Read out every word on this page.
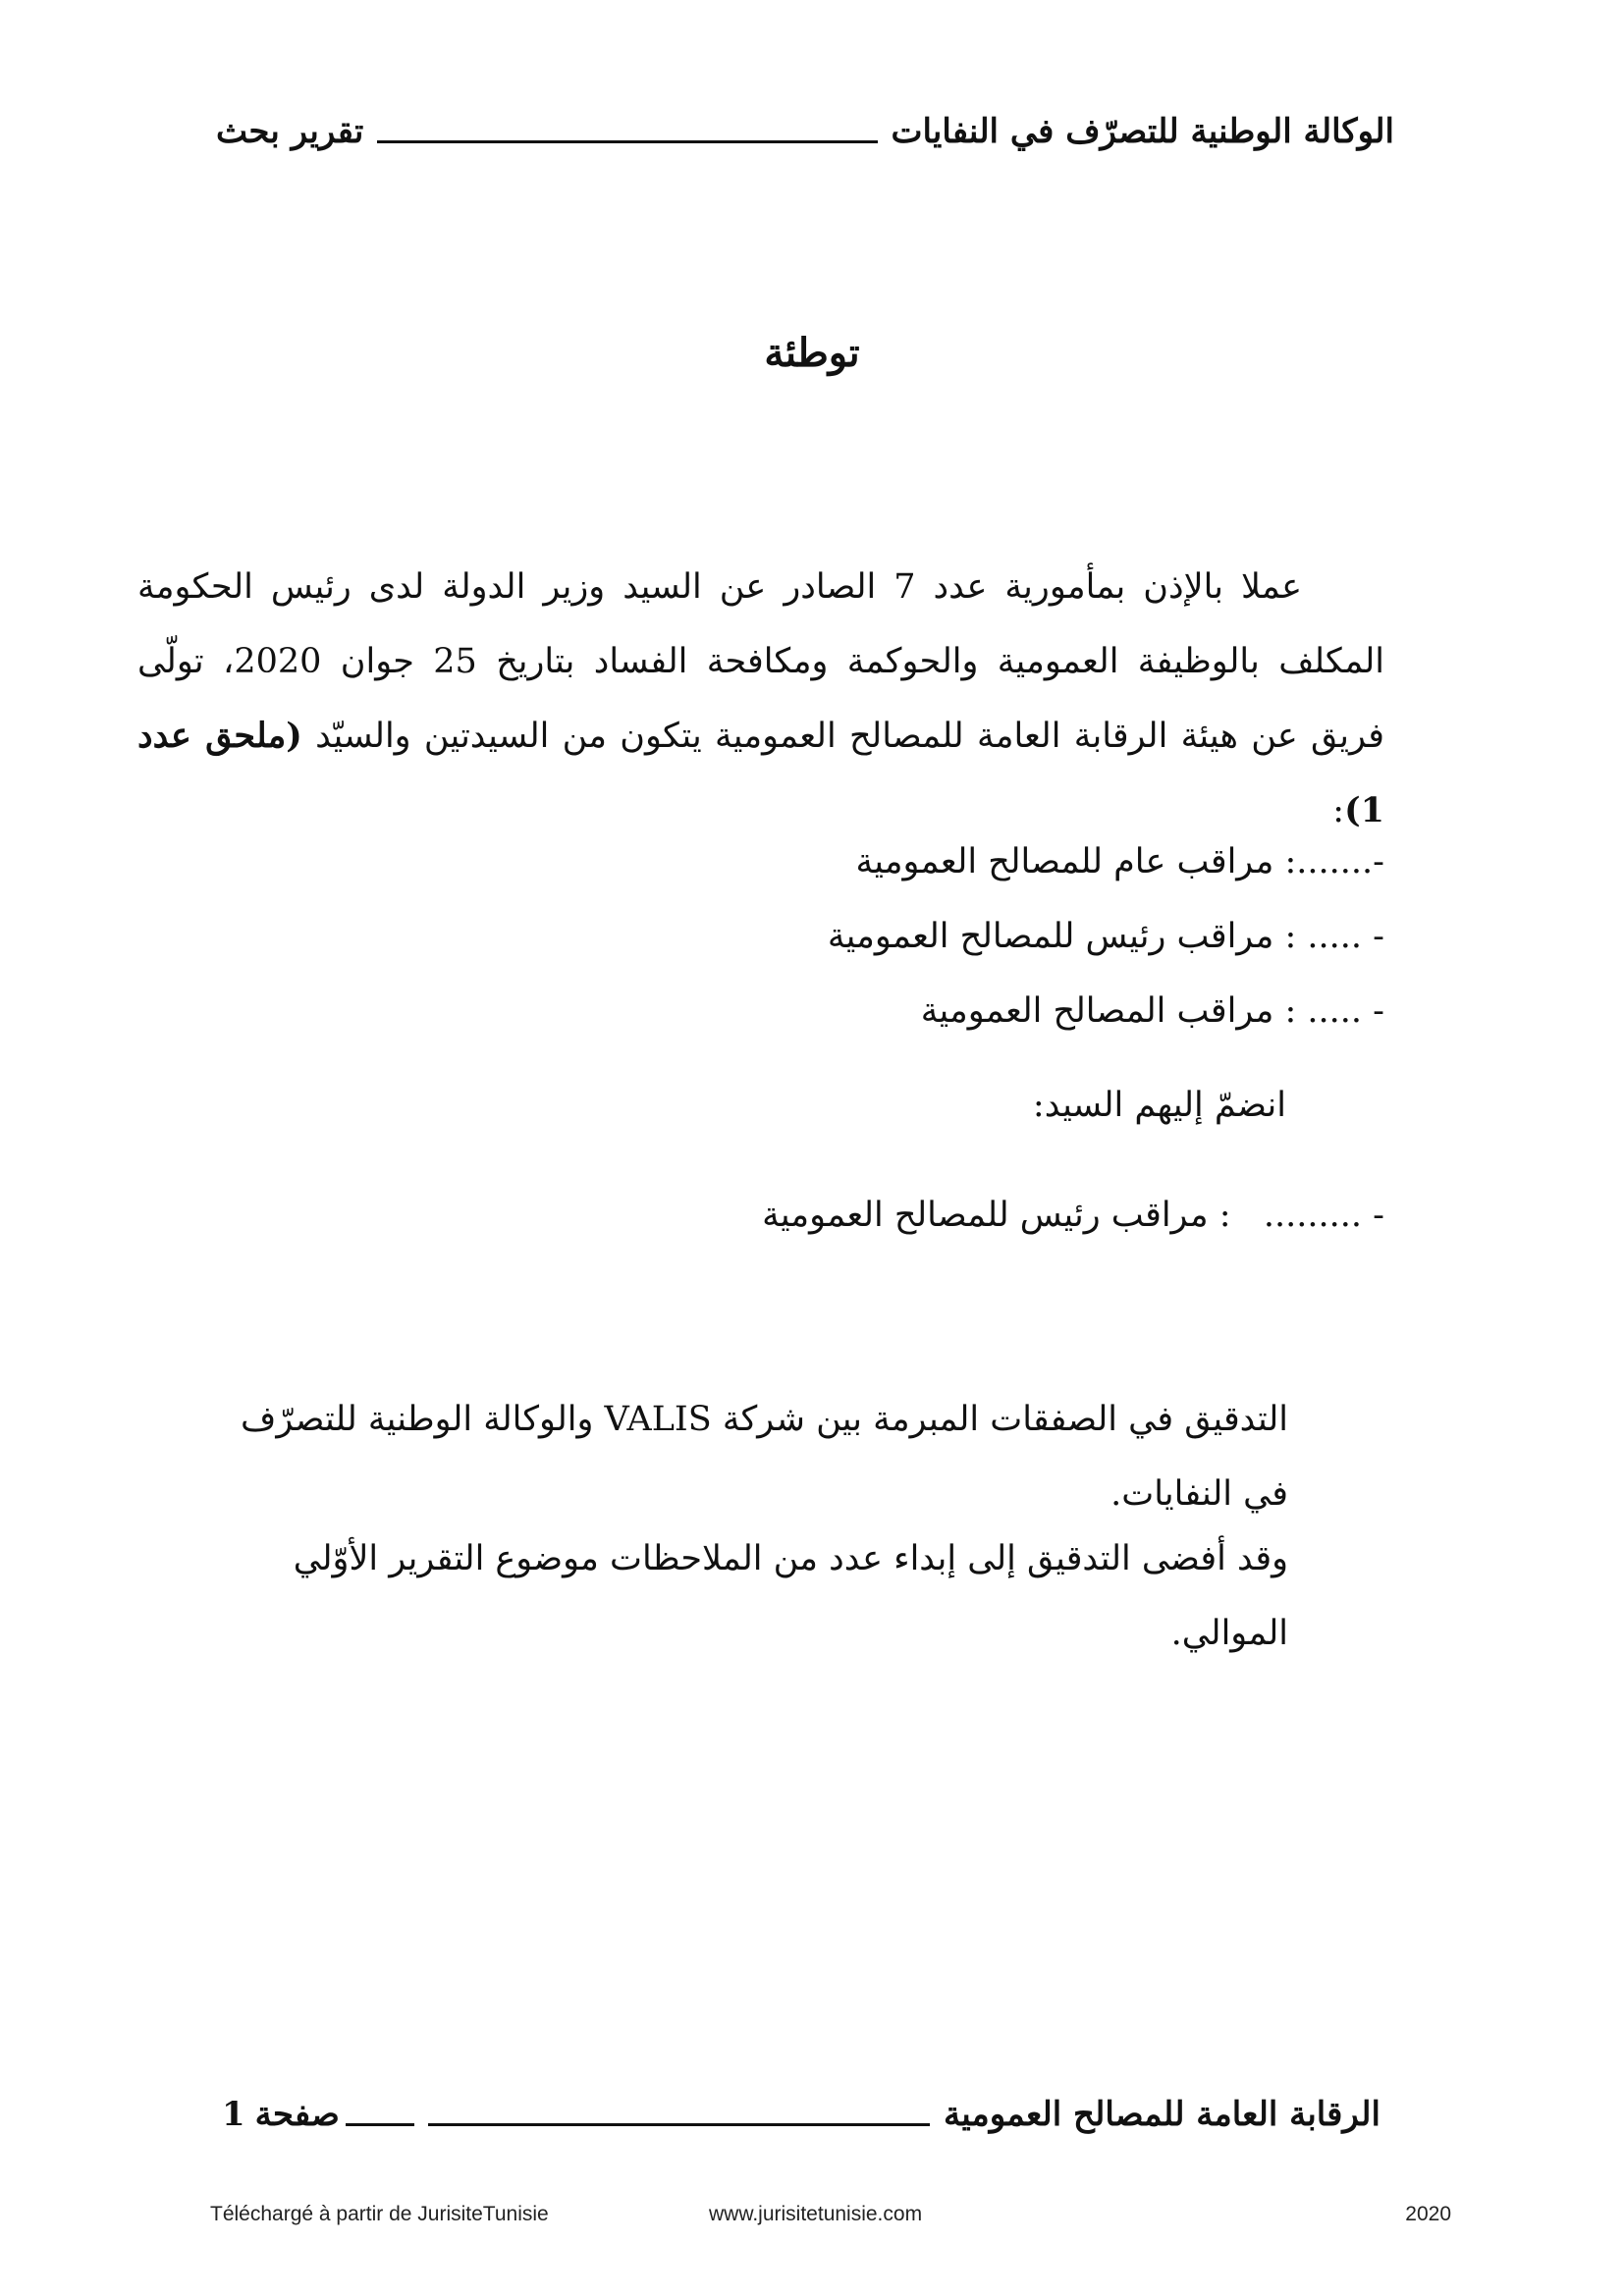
الوكالة الوطنية للتصرّف في النفايات
تقرير بحث
توطئة

عملا بالإذن بمأمورية عدد 7 الصادر عن السيد وزير الدولة لدى رئيس الحكومة المكلف بالوظيفة العمومية والحوكمة ومكافحة الفساد بتاريخ 25 جوان 2020، تولّى فريق عن هيئة الرقابة العامة للمصالح العمومية يتكون من السيدتين والسيّد (ملحق عدد 1):

-.......: مراقب عام للمصالح العمومية
- ..... : مراقب رئيس للمصالح العمومية
- ..... : مراقب المصالح العمومية
انضمّ إليهم السيد:
- .........   : مراقب رئيس للمصالح العمومية
التدقيق في الصفقات المبرمة بين شركة VALIS والوكالة الوطنية للتصرّف في النفايات.
وقد أفضى التدقيق إلى إبداء عدد من الملاحظات موضوع التقرير الأوّلي الموالي.
الرقابة العامة للمصالح العمومية
صفحة
1
Téléchargé à partir de JurisiteTunisie	www.jurisitetunisie.com	2020
